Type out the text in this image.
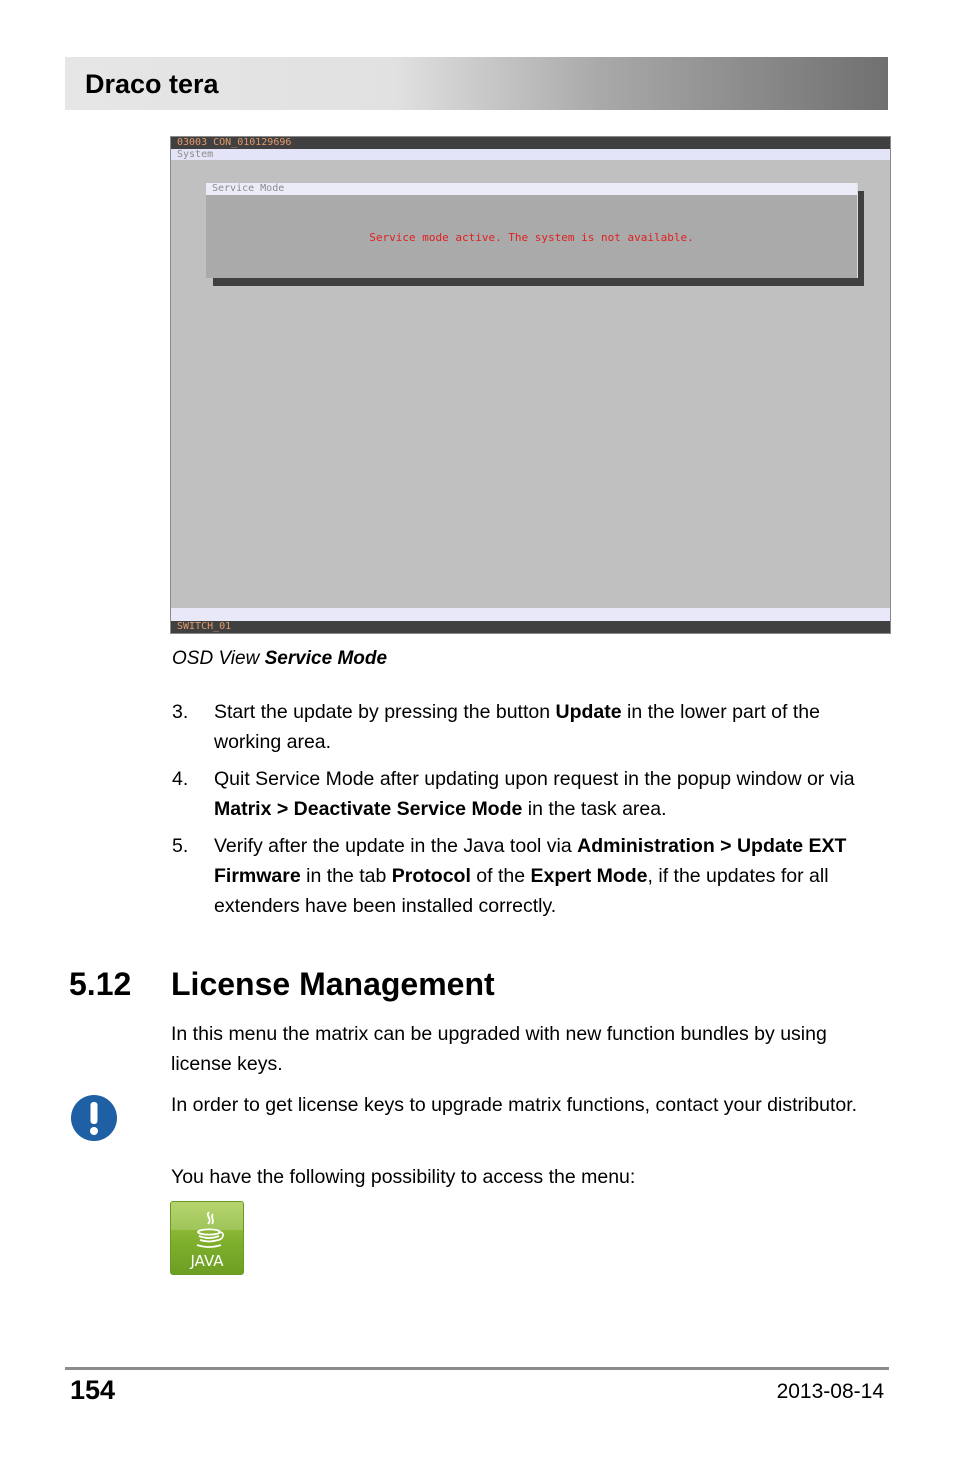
Draco tera
03003 CON_010129696
System
Service Mode
Service mode active. The system is not available.
SWITCH_01
OSD View Service Mode
3. Start the update by pressing the button Update in the lower part of the working area.
4. Quit Service Mode after updating upon request in the popup window or via Matrix > Deactivate Service Mode in the task area.
5. Verify after the update in the Java tool via Administration > Update EXT Firmware in the tab Protocol of the Expert Mode, if the updates for all extenders have been installed correctly.
5.12 License Management
In this menu the matrix can be upgraded with new function bundles by using license keys.
In order to get license keys to upgrade matrix functions, contact your distributor.
You have the following possibility to access the menu:
JAVA
154	2013-08-14
